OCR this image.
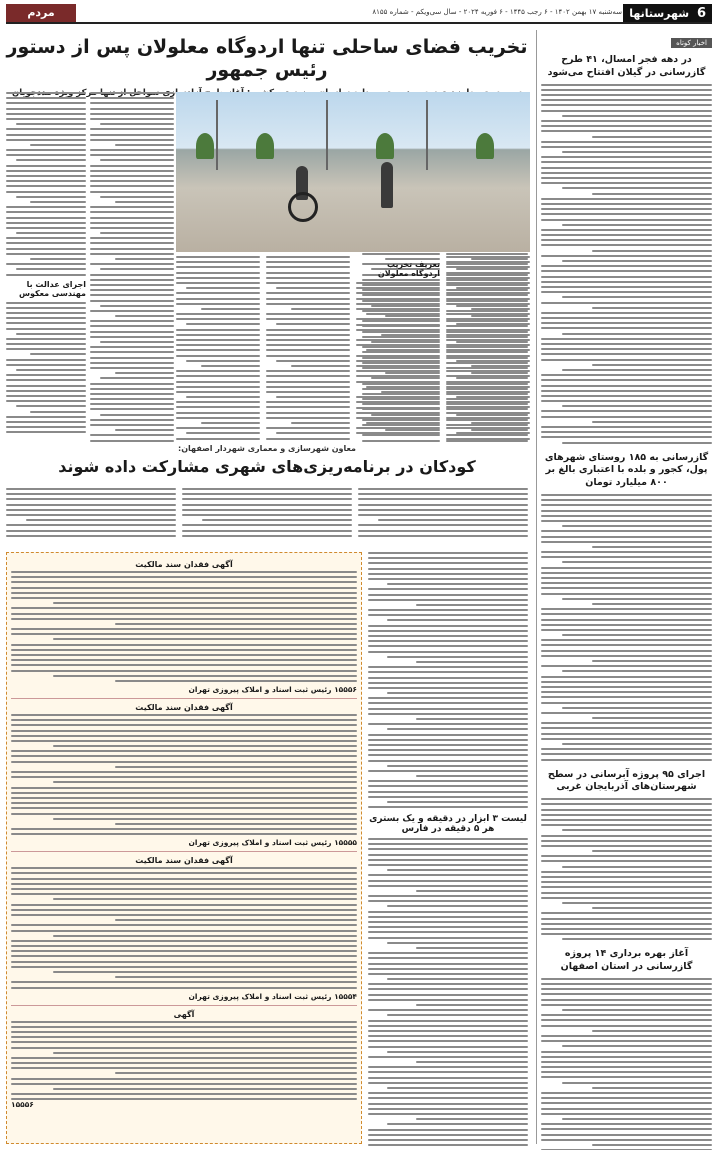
6 شهرستانها
سه‌شنبه ۱۷ بهمن ۱۴۰۲ - ۶ رجب ۱۴۴۵ - ۶ فوریه ۲۰۲۴ - سال سی‌ویکم - شماره ۸۱۵۵
مردم سالاری
اخبار کوتاه
در دهه فجر امسال، ۴۱ طرح گازرسانی در گیلان افتتاح می‌شود
گازرسانی به ۱۸۵ روستای شهرهای پول، کجور و بلده با اعتباری بالغ بر ۸۰۰ میلیارد تومان
اجرای ۹۵ پروژه آبرسانی در سطح شهرستان‌های آذربایجان غربی
آغاز بهره برداری ۱۴ پروژه گازرسانی در استان اصفهان
تخریب فضای ساحلی تنها اردوگاه معلولان پس از دستور رئیس جمهور
مرکز
تعریف تخریب اردوگاه معلولان
اجرای عدالت با مهندسی معکوس
معاون شهرسازی و معماری شهردار اصفهان:
کودکان در برنامه‌ریزی‌های شهری مشارکت داده شوند
لیست ۳ ابزار در دقیقه و یک بستری هر ۵ دقیقه در فارس
آگهی فقدان سند مالکیت
۱۵۵۵۶ رئیس ثبت اسناد و املاک پیروزی تهران
آگهی فقدان سند مالکیت
۱۵۵۵۵ رئیس ثبت اسناد و املاک پیروزی تهران
آگهی فقدان سند مالکیت
۱۵۵۵۴ رئیس ثبت اسناد و املاک پیروزی تهران
آگهی
۱۵۵۵۶
